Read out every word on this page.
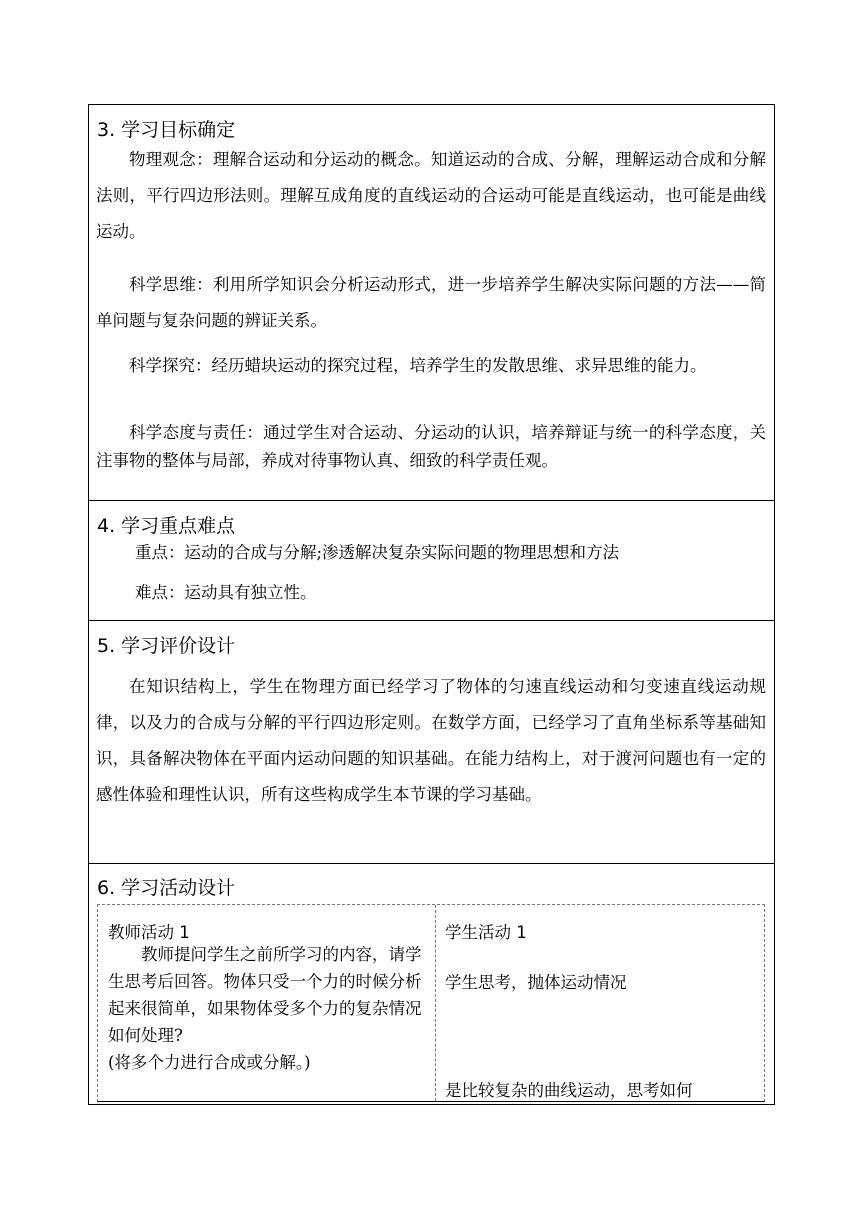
3. 学习目标确定

物理观念：理解合运动和分运动的概念。知道运动的合成、分解，理解运动合成和分解法则，平行四边形法则。理解互成角度的直线运动的合运动可能是直线运动，也可能是曲线运动。

科学思维：利用所学知识会分析运动形式，进一步培养学生解决实际问题的方法——简单问题与复杂问题的辨证关系。

科学探究：经历蜡块运动的探究过程，培养学生的发散思维、求异思维的能力。

科学态度与责任：通过学生对合运动、分运动的认识，培养辩证与统一的科学态度，关注事物的整体与局部，养成对待事物认真、细致的科学责任观。

4. 学习重点难点

重点：运动的合成与分解;渗透解决复杂实际问题的物理思想和方法

难点：运动具有独立性。

5. 学习评价设计

在知识结构上，学生在物理方面已经学习了物体的匀速直线运动和匀变速直线运动规律，以及力的合成与分解的平行四边形定则。在数学方面，已经学习了直角坐标系等基础知识，具备解决物体在平面内运动问题的知识基础。在能力结构上，对于渡河问题也有一定的感性体验和理性认识，所有这些构成学生本节课的学习基础。

6. 学习活动设计
教师活动 1

教师提问学生之前所学习的内容，请学生思考后回答。物体只受一个力的时候分析起来很简单，如果物体受多个力的复杂情况如何处理?

(将多个力进行合成或分解。)

学生活动 1

学生思考，抛体运动情况

是比较复杂的曲线运动，思考如何
